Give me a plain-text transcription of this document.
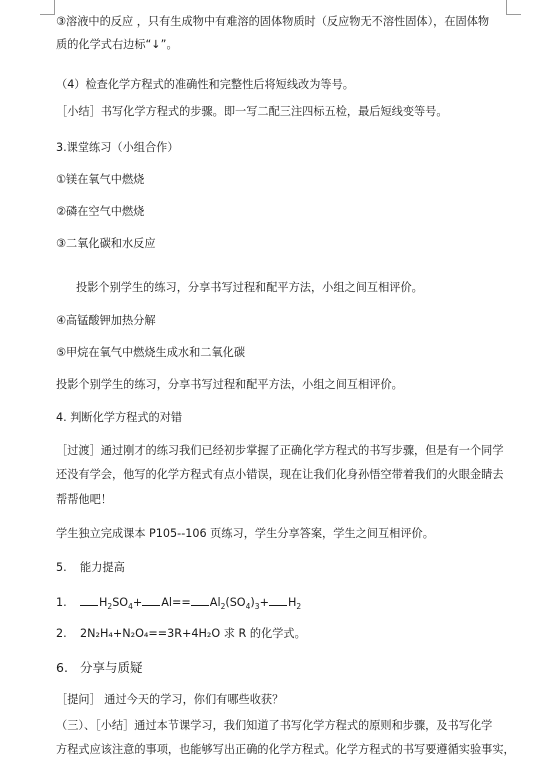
③溶液中的反应 ，只有生成物中有难溶的固体物质时（反应物无不溶性固体），在固体物
质的化学式右边标“↓”。
（4）检查化学方程式的准确性和完整性后将短线改为等号。
［小结］书写化学方程式的步骤。即一写二配三注四标五检，最后短线变等号。
3.课堂练习（小组合作）
①镁在氧气中燃烧
②磷在空气中燃烧
③二氧化碳和水反应
投影个别学生的练习，分享书写过程和配平方法，小组之间互相评价。
④高锰酸钾加热分解
⑤甲烷在氧气中燃烧生成水和二氧化碳
投影个别学生的练习，分享书写过程和配平方法，小组之间互相评价。
4. 判断化学方程式的对错
［过渡］通过刚才的练习我们已经初步掌握了正确化学方程式的书写步骤，但是有一个同学
还没有学会，他写的化学方程式有点小错误，现在让我们化身孙悟空带着我们的火眼金睛去
帮帮他吧！
学生独立完成课本 P105--106 页练习，学生分享答案，学生之间互相评价。
5. 能力提高
1.	$H_2SO_4+ Al== Al_2(SO_4)_3+ H_2$
2. 2N₂H₄+N₂O₄==3R+4H₂O 求 R 的化学式。
6. 分享与质疑
［提问］ 通过今天的学习，你们有哪些收获？
（三）、［小结］通过本节课学习，我们知道了书写化学方程式的原则和步骤，及书写化学
方程式应该注意的事项，也能够写出正确的化学方程式。化学方程式的书写要遵循实验事实，
